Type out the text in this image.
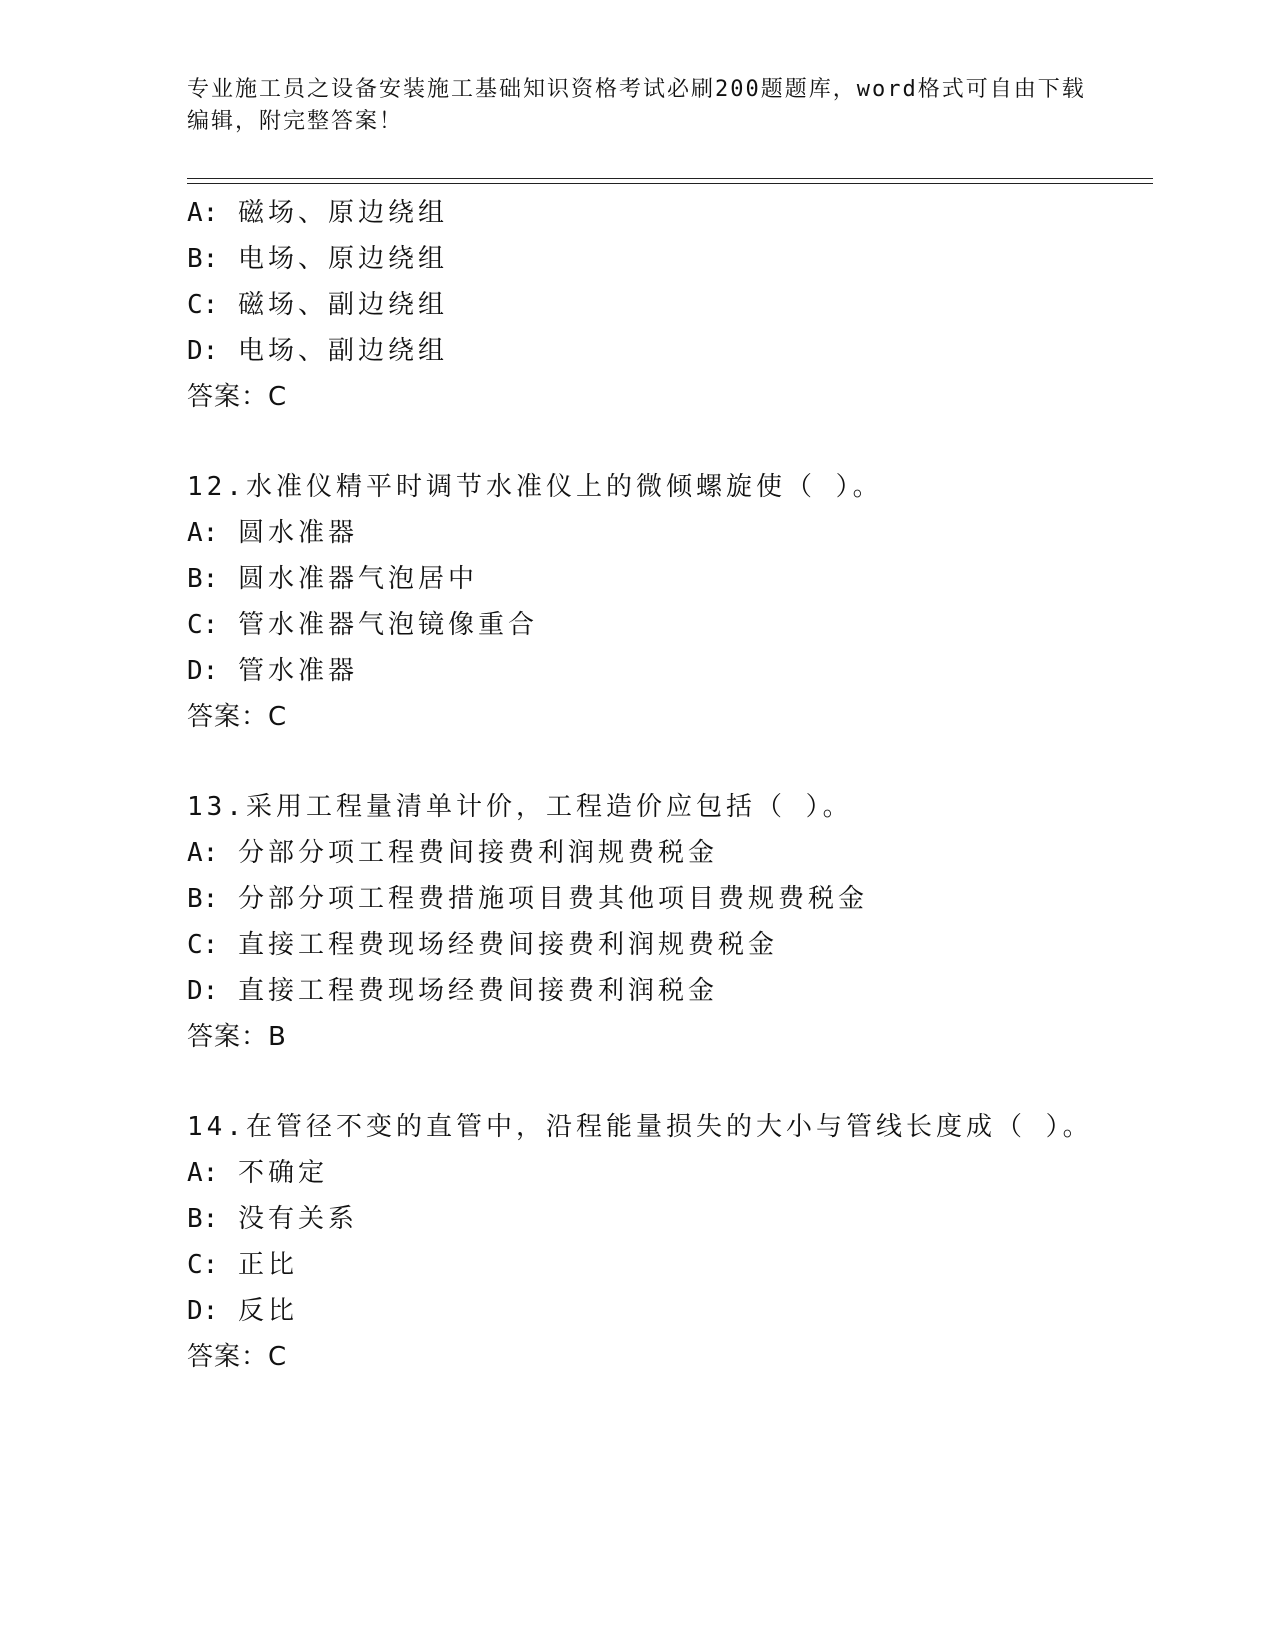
专业施工员之设备安装施工基础知识资格考试必刷200题题库，word格式可自由下载编辑，附完整答案！
A: 磁场、原边绕组
B: 电场、原边绕组
C: 磁场、副边绕组
D: 电场、副边绕组
答案：C
12.水准仪精平时调节水准仪上的微倾螺旋使（ ）。
A: 圆水准器
B: 圆水准器气泡居中
C: 管水准器气泡镜像重合
D: 管水准器
答案：C
13.采用工程量清单计价，工程造价应包括（ ）。
A: 分部分项工程费间接费利润规费税金
B: 分部分项工程费措施项目费其他项目费规费税金
C: 直接工程费现场经费间接费利润规费税金
D: 直接工程费现场经费间接费利润税金
答案：B
14.在管径不变的直管中，沿程能量损失的大小与管线长度成（ ）。
A: 不确定
B: 没有关系
C: 正比
D: 反比
答案：C
